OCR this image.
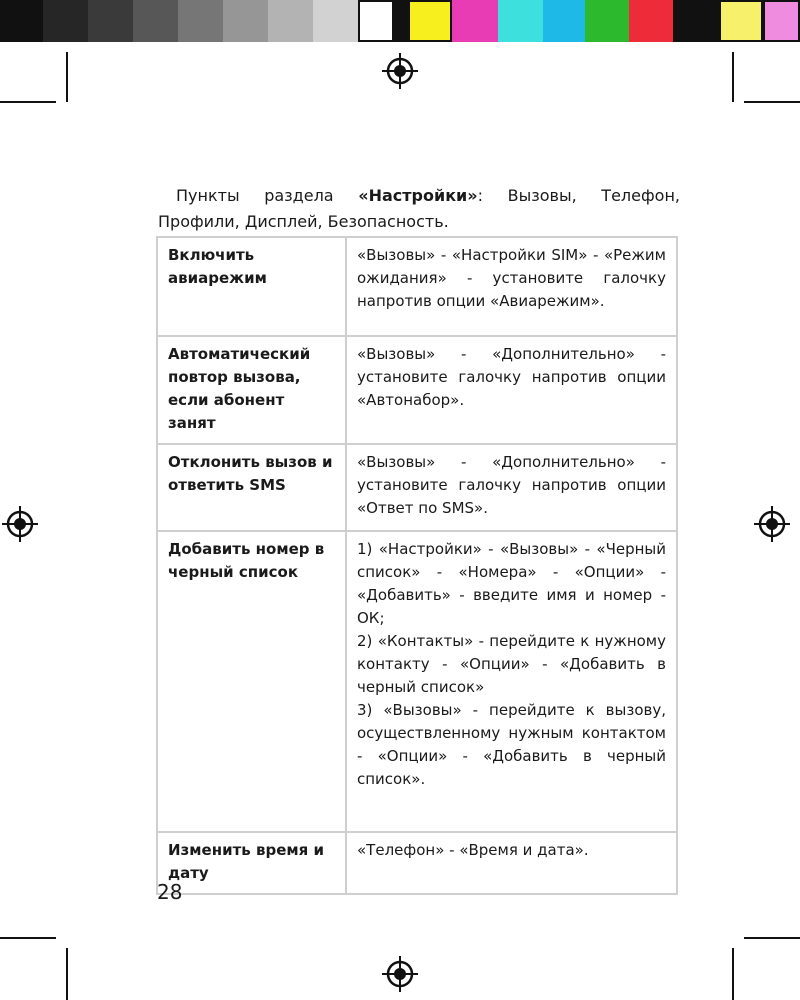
Пункты раздела «Настройки»: Вызовы, Телефон, Профили, Дисплей, Безопасность.

Включить авиарежим	«Вызовы» - «Настройки SIM» - «Режим ожидания» - установите галочку напротив опции «Авиарежим».
Автоматический повтор вызова, если абонент занят	«Вызовы» - «Дополнительно» - установите галочку напротив опции «Автонабор».
Отклонить вызов и ответить SMS	«Вызовы» - «Дополнительно» - установите галочку напротив опции «Ответ по SMS».
Добавить номер в черный список	1) «Настройки» - «Вызовы» - «Черный список» - «Номера» - «Опции» - «Добавить» - введите имя и номер - ОК;
2) «Контакты» - перейдите к нужному контакту - «Опции» - «Добавить в черный список»
3) «Вызовы» - перейдите к вызову, осуществленному нужным контактом - «Опции» - «Добавить в черный список».

Изменить время и дату	«Телефон» - «Время и дата».
28
